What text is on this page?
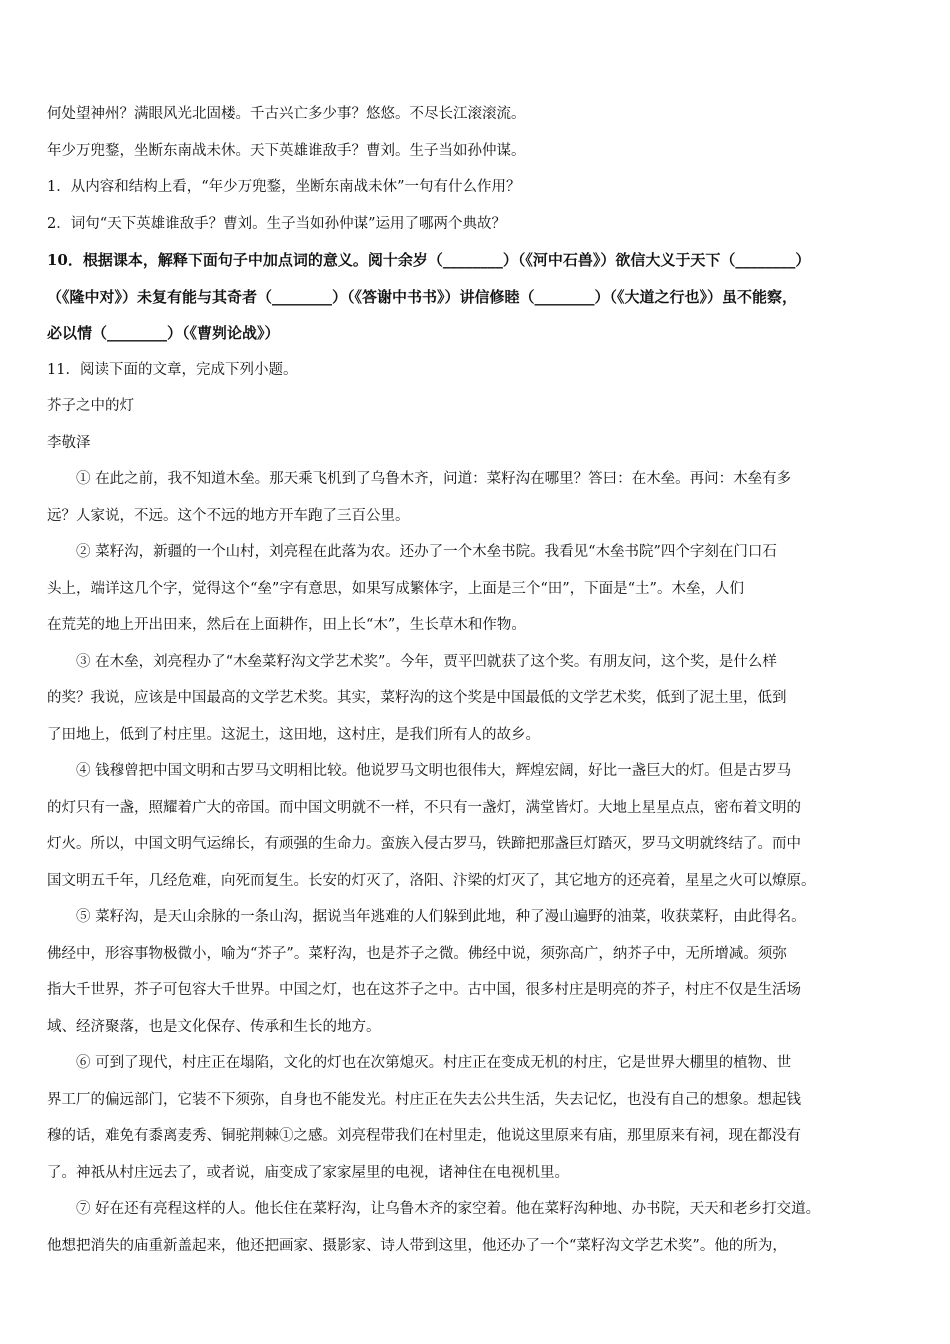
何处望神州？满眼风光北固楼。千古兴亡多少事？悠悠。不尽长江滚滚流。
年少万兜鍪，坐断东南战未休。天下英雄谁敌手？曹刘。生子当如孙仲谋。
1．从内容和结构上看，“年少万兜鍪，坐断东南战未休”一句有什么作用？
2．词句“天下英雄谁敌手？曹刘。生子当如孙仲谋”运用了哪两个典故？
10．根据课本，解释下面句子中加点词的意义。阅十余岁（________）（《河中石兽》）欲信大义于天下（________）
（《隆中对》）未复有能与其奇者（________）（《答谢中书书》）讲信修睦（________）（《大道之行也》）虽不能察，
必以情（________）（《曹刿论战》）
11．阅读下面的文章，完成下列小题。
芥子之中的灯
李敬泽
① 在此之前，我不知道木垒。那天乘飞机到了乌鲁木齐，问道：菜籽沟在哪里？答曰：在木垒。再问：木垒有多
远？人家说，不远。这个不远的地方开车跑了三百公里。
② 菜籽沟，新疆的一个山村，刘亮程在此落为农。还办了一个木垒书院。我看见“木垒书院”四个字刻在门口石
头上，端详这几个字，觉得这个“垒”字有意思，如果写成繁体字，上面是三个“田”，下面是“土”。木垒，人们
在荒芜的地上开出田来，然后在上面耕作，田上长“木”，生长草木和作物。
③ 在木垒，刘亮程办了“木垒菜籽沟文学艺术奖”。今年，贾平凹就获了这个奖。有朋友问，这个奖，是什么样
的奖？我说，应该是中国最高的文学艺术奖。其实，菜籽沟的这个奖是中国最低的文学艺术奖，低到了泥土里，低到
了田地上，低到了村庄里。这泥土，这田地，这村庄，是我们所有人的故乡。
④ 钱穆曾把中国文明和古罗马文明相比较。他说罗马文明也很伟大，辉煌宏阔，好比一盏巨大的灯。但是古罗马
的灯只有一盏，照耀着广大的帝国。而中国文明就不一样，不只有一盏灯，满堂皆灯。大地上星星点点，密布着文明的
灯火。所以，中国文明气运绵长，有顽强的生命力。蛮族入侵古罗马，铁蹄把那盏巨灯踏灭，罗马文明就终结了。而中
国文明五千年，几经危难，向死而复生。长安的灯灭了，洛阳、汴梁的灯灭了，其它地方的还亮着，星星之火可以燎原。
⑤ 菜籽沟，是天山余脉的一条山沟，据说当年逃难的人们躲到此地，种了漫山遍野的油菜，收获菜籽，由此得名。
佛经中，形容事物极微小，喻为“芥子”。菜籽沟，也是芥子之微。佛经中说，须弥高广，纳芥子中，无所增减。须弥
指大千世界，芥子可包容大千世界。中国之灯，也在这芥子之中。古中国，很多村庄是明亮的芥子，村庄不仅是生活场
域、经济聚落，也是文化保存、传承和生长的地方。
⑥ 可到了现代，村庄正在塌陷，文化的灯也在次第熄灭。村庄正在变成无机的村庄，它是世界大棚里的植物、世
界工厂的偏远部门，它装不下须弥，自身也不能发光。村庄正在失去公共生活，失去记忆，也没有自己的想象。想起钱
穆的话，难免有黍离麦秀、铜驼荆棘①之感。刘亮程带我们在村里走，他说这里原来有庙，那里原来有祠，现在都没有
了。神祇从村庄远去了，或者说，庙变成了家家屋里的电视，诸神住在电视机里。
⑦ 好在还有亮程这样的人。他长住在菜籽沟，让乌鲁木齐的家空着。他在菜籽沟种地、办书院，天天和老乡打交道。
他想把消失的庙重新盖起来，他还把画家、摄影家、诗人带到这里，他还办了一个“菜籽沟文学艺术奖”。他的所为，
